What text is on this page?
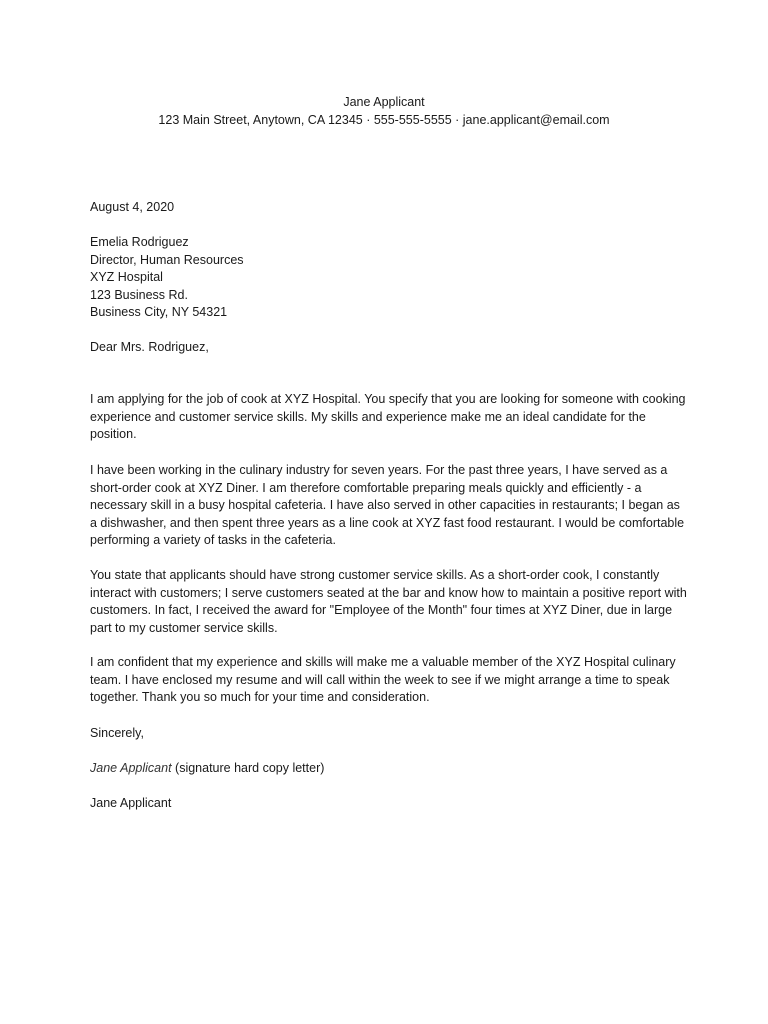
Jane Applicant
123 Main Street, Anytown, CA 12345 · 555-555-5555 · jane.applicant@email.com
August 4, 2020
Emelia Rodriguez
Director, Human Resources
XYZ Hospital
123 Business Rd.
Business City, NY 54321
Dear Mrs. Rodriguez,

I am applying for the job of cook at XYZ Hospital. You specify that you are looking for someone with cooking experience and customer service skills. My skills and experience make me an ideal candidate for the position.

I have been working in the culinary industry for seven years. For the past three years, I have served as a short-order cook at XYZ Diner. I am therefore comfortable preparing meals quickly and efficiently - a necessary skill in a busy hospital cafeteria. I have also served in other capacities in restaurants; I began as a dishwasher, and then spent three years as a line cook at XYZ fast food restaurant. I would be comfortable performing a variety of tasks in the cafeteria.

You state that applicants should have strong customer service skills. As a short-order cook, I constantly interact with customers; I serve customers seated at the bar and know how to maintain a positive report with customers. In fact, I received the award for "Employee of the Month" four times at XYZ Diner, due in large part to my customer service skills.

I am confident that my experience and skills will make me a valuable member of the XYZ Hospital culinary team. I have enclosed my resume and will call within the week to see if we might arrange a time to speak together. Thank you so much for your time and consideration.

Sincerely,
Jane Applicant (signature hard copy letter)
Jane Applicant
